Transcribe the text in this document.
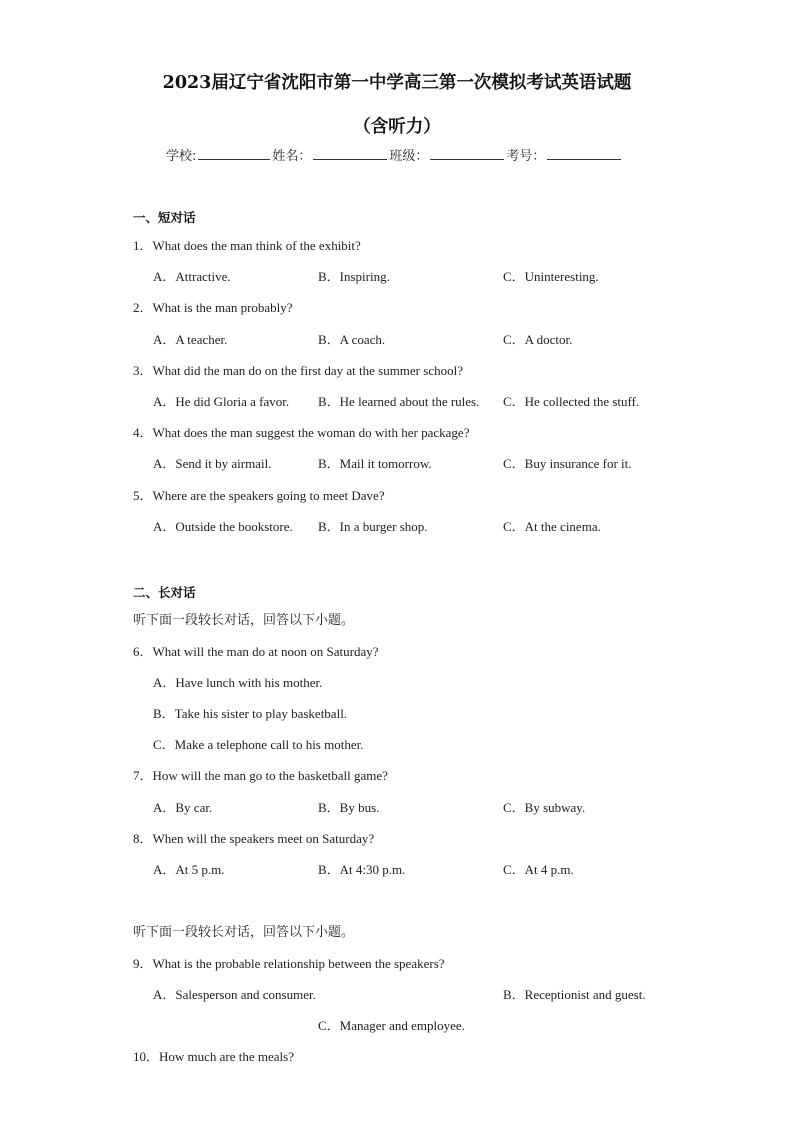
2023届辽宁省沈阳市第一中学高三第一次模拟考试英语试题
（含听力）
学校:	姓名：	班级：	考号：
一、短对话
1．What does the man think of the exhibit?
A．Attractive.	B．Inspiring.	C．Uninteresting.
2．What is the man probably?
A．A teacher.	B．A coach.	C．A doctor.
3．What did the man do on the first day at the summer school?
A．He did Gloria a favor. B．He learned about the rules. C．He collected the stuff.
4．What does the man suggest the woman do with her package?
A．Send it by airmail.	B．Mail it tomorrow.	C．Buy insurance for it.
5．Where are the speakers going to meet Dave?
A．Outside the bookstore. B．In a burger shop.	C．At the cinema.
二、长对话
听下面一段较长对话，回答以下小题。
6．What will the man do at noon on Saturday?
A．Have lunch with his mother.
B．Take his sister to play basketball.
C．Make a telephone call to his mother.
7．How will the man go to the basketball game?
A．By car.	B．By bus.	C．By subway.
8．When will the speakers meet on Saturday?
A．At 5 p.m.	B．At 4:30 p.m.	C．At 4 p.m.
听下面一段较长对话，回答以下小题。
9．What is the probable relationship between the speakers?
A．Salesperson and consumer.	B．Receptionist and guest.
C．Manager and employee.
10．How much are the meals?
